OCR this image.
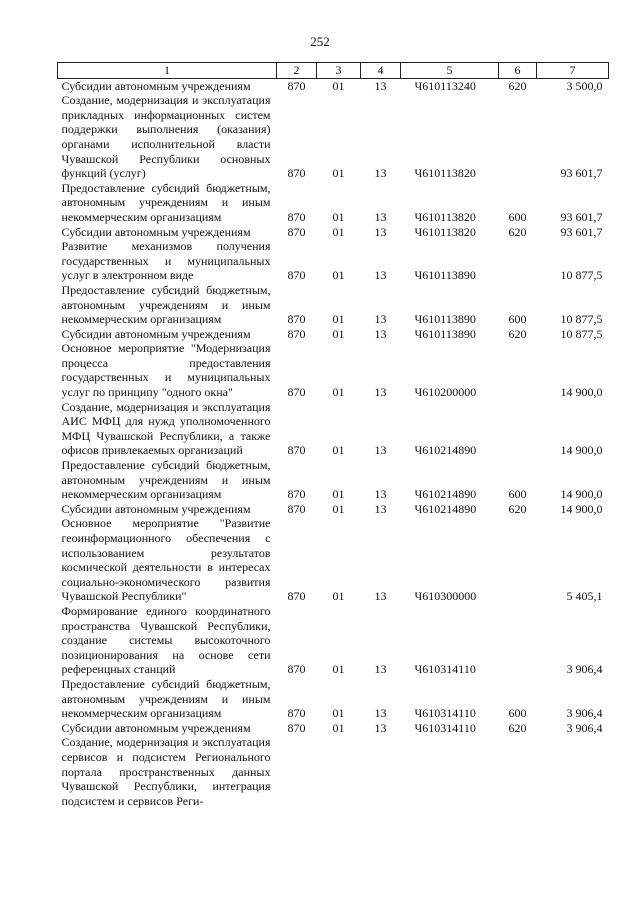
252
1	2	3	4	5	6	7
Субсидии автономным учреждениям	870	01	13	Ч610113240	620	3 500,0
Создание, модернизация и эксплуатация прикладных информационных систем поддержки выполнения (оказания) органами исполнительной власти Чувашской Республики основных функций (услуг)	870	01	13	Ч610113820		93 601,7
Предоставление субсидий бюджетным, автономным учреждениям и иным некоммерческим организациям	870	01	13	Ч610113820	600	93 601,7
Субсидии автономным учреждениям	870	01	13	Ч610113820	620	93 601,7
Развитие механизмов получения государственных и муниципальных услуг в электронном виде	870	01	13	Ч610113890		10 877,5
Предоставление субсидий бюджетным, автономным учреждениям и иным некоммерческим организациям	870	01	13	Ч610113890	600	10 877,5
Субсидии автономным учреждениям	870	01	13	Ч610113890	620	10 877,5
Основное мероприятие "Модернизация процесса предоставления государственных и муниципальных услуг по принципу "одного окна"	870	01	13	Ч610200000		14 900,0
Создание, модернизация и эксплуатация АИС МФЦ для нужд уполномоченного МФЦ Чувашской Республики, а также офисов привлекаемых организаций	870	01	13	Ч610214890		14 900,0
Предоставление субсидий бюджетным, автономным учреждениям и иным некоммерческим организациям	870	01	13	Ч610214890	600	14 900,0
Субсидии автономным учреждениям	870	01	13	Ч610214890	620	14 900,0
Основное мероприятие "Развитие геоинформационного обеспечения с использованием результатов космической деятельности в интересах социально-экономического развития Чувашской Республики"	870	01	13	Ч610300000		5 405,1
Формирование единого координатного пространства Чувашской Республики, создание системы высокоточного позиционирования на основе сети референцных станций	870	01	13	Ч610314110		3 906,4
Предоставление субсидий бюджетным, автономным учреждениям и иным некоммерческим организациям	870	01	13	Ч610314110	600	3 906,4
Субсидии автономным учреждениям	870	01	13	Ч610314110	620	3 906,4
Создание, модернизация и эксплуатация сервисов и подсистем Регионального портала пространственных данных Чувашской Республики, интеграция подсистем и сервисов Реги-						
